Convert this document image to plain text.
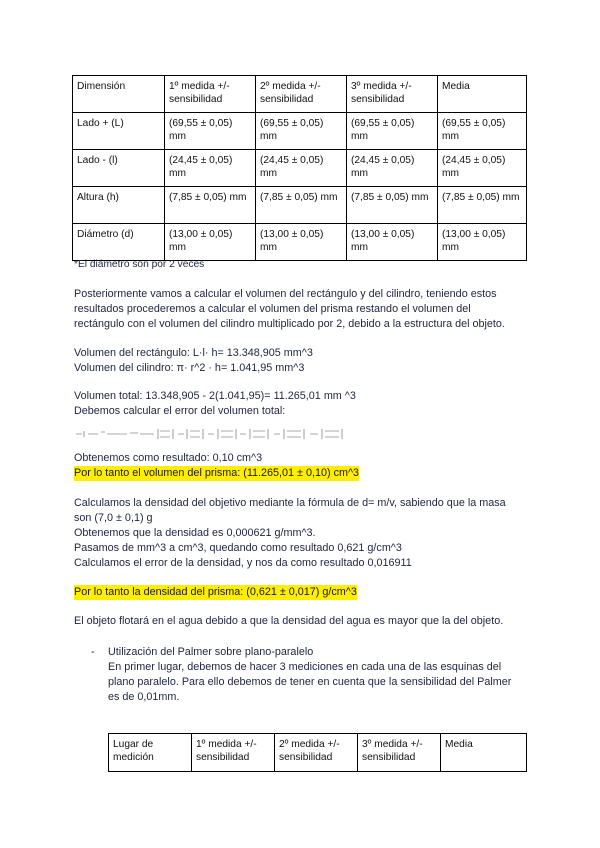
Dimensión	1º medida +/- sensibilidad	2º medida +/- sensibilidad	3º medida +/- sensibilidad	Media
Lado + (L)	(69,55 ± 0,05) mm	(69,55 ± 0,05) mm	(69,55 ± 0,05) mm	(69,55 ± 0,05) mm
Lado - (l)	(24,45 ± 0,05) mm	(24,45 ± 0,05) mm	(24,45 ± 0,05) mm	(24,45 ± 0,05) mm
Altura (h)	(7,85 ± 0,05) mm	(7,85 ± 0,05) mm	(7,85 ± 0,05) mm	(7,85 ± 0,05) mm
Diámetro (d)	(13,00 ± 0,05) mm	(13,00 ± 0,05) mm	(13,00 ± 0,05) mm	(13,00 ± 0,05) mm
*El diámetro son por 2 veces
Posteriormente vamos a calcular el volumen del rectángulo y del cilindro, teniendo estos
resultados procederemos a calcular el volumen del prisma restando el volumen del
rectángulo con el volumen del cilindro multiplicado por 2, debido a la estructura del objeto.
Volumen del rectángulo: L·l· h= 13.348,905 mm^3
Volumen del cilindro: π· r^2 · h= 1.041,95 mm^3
Volumen total: 13.348,905 - 2(1.041,95)= 11.265,01 mm ^3
Debemos calcular el error del volumen total:
Obtenemos como resultado: 0,10 cm^3
Por lo tanto el volumen del prisma: (11.265,01 ± 0,10) cm^3
Calculamos la densidad del objetivo mediante la fórmula de d= m/v, sabiendo que la masa
son (7,0 ± 0,1) g
Obtenemos que la densidad es 0,000621 g/mm^3.
Pasamos de mm^3 a cm^3, quedando como resultado 0,621 g/cm^3
Calculamos el error de la densidad, y nos da como resultado 0,016911
Por lo tanto la densidad del prisma: (0,621 ± 0,017) g/cm^3
El objeto flotará en el agua debido a que la densidad del agua es mayor que la del objeto.
- Utilización del Palmer sobre plano-paralelo
En primer lugar, debemos de hacer 3 mediciones en cada una de las esquinas del
plano paralelo. Para ello debemos de tener en cuenta que la sensibilidad del Palmer
es de 0,01mm.
Lugar de medición	1º medida +/- sensibilidad	2º medida +/- sensibilidad	3º medida +/- sensibilidad	Media
